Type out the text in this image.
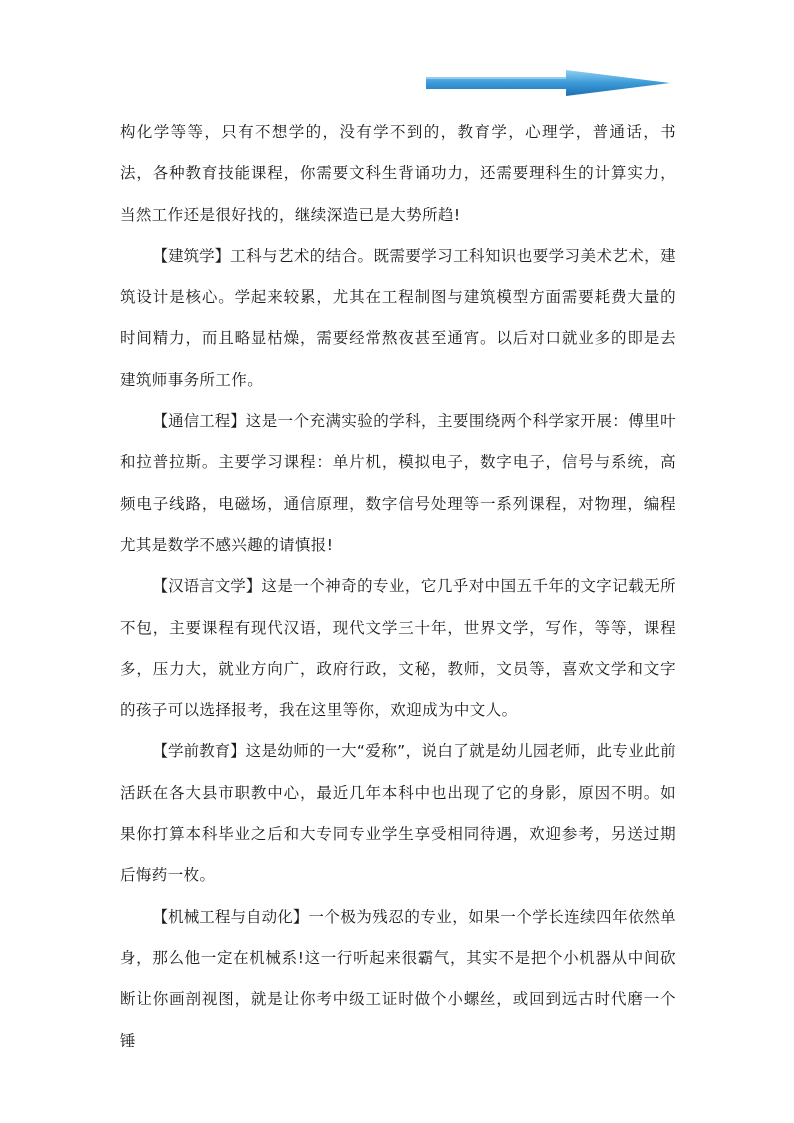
构化学等等，只有不想学的，没有学不到的，教育学，心理学，普通话，书法，各种教育技能课程，你需要文科生背诵功力，还需要理科生的计算实力，当然工作还是很好找的，继续深造已是大势所趋!

【建筑学】工科与艺术的结合。既需要学习工科知识也要学习美术艺术，建筑设计是核心。学起来较累，尤其在工程制图与建筑模型方面需要耗费大量的时间精力，而且略显枯燥，需要经常熬夜甚至通宵。以后对口就业多的即是去建筑师事务所工作。

【通信工程】这是一个充满实验的学科，主要围绕两个科学家开展：傅里叶和拉普拉斯。主要学习课程：单片机，模拟电子，数字电子，信号与系统，高频电子线路，电磁场，通信原理，数字信号处理等一系列课程，对物理，编程尤其是数学不感兴趣的请慎报!

【汉语言文学】这是一个神奇的专业，它几乎对中国五千年的文字记载无所不包，主要课程有现代汉语，现代文学三十年，世界文学，写作，等等，课程多，压力大，就业方向广，政府行政，文秘，教师，文员等，喜欢文学和文字的孩子可以选择报考，我在这里等你，欢迎成为中文人。

【学前教育】这是幼师的一大“爱称”，说白了就是幼儿园老师，此专业此前活跃在各大县市职教中心，最近几年本科中也出现了它的身影，原因不明。如果你打算本科毕业之后和大专同专业学生享受相同待遇，欢迎参考，另送过期后悔药一枚。

【机械工程与自动化】一个极为残忍的专业，如果一个学长连续四年依然单身，那么他一定在机械系!这一行听起来很霸气，其实不是把个小机器从中间砍断让你画剖视图，就是让你考中级工证时做个小螺丝，或回到远古时代磨一个锤
